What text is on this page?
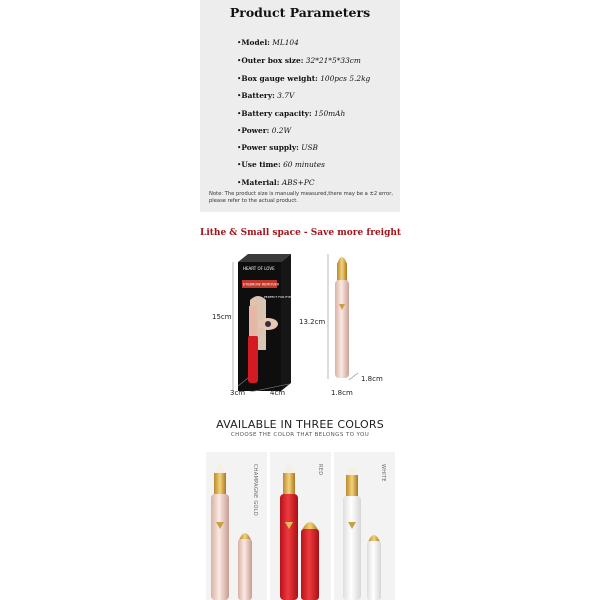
Product Parameters
•Model: ML104
•Outer box size: 32*21*5*33cm
•Box gauge weight: 100pcs 5.2kg
•Battery: 3.7V
•Battery capacity: 150mAh
•Power: 0.2W
•Power supply: USB
•Use time: 60 minutes
•Material: ABS+PC
Note: The product size is manually measured,there may be a ±2 error, please refer to the actual product.
Lithe & Small space - Save more freight
HEART OF LOVE
EYEBROW REMOVER
PERFECT FOR EYEBROW
15cm
3cm	4cm
13.2cm
1.8cm
1.8cm
AVAILABLE IN THREE COLORS
CHOOSE THE COLOR THAT BELONGS TO YOU
CHAMPAGNE GOLD	RED	WHITE
